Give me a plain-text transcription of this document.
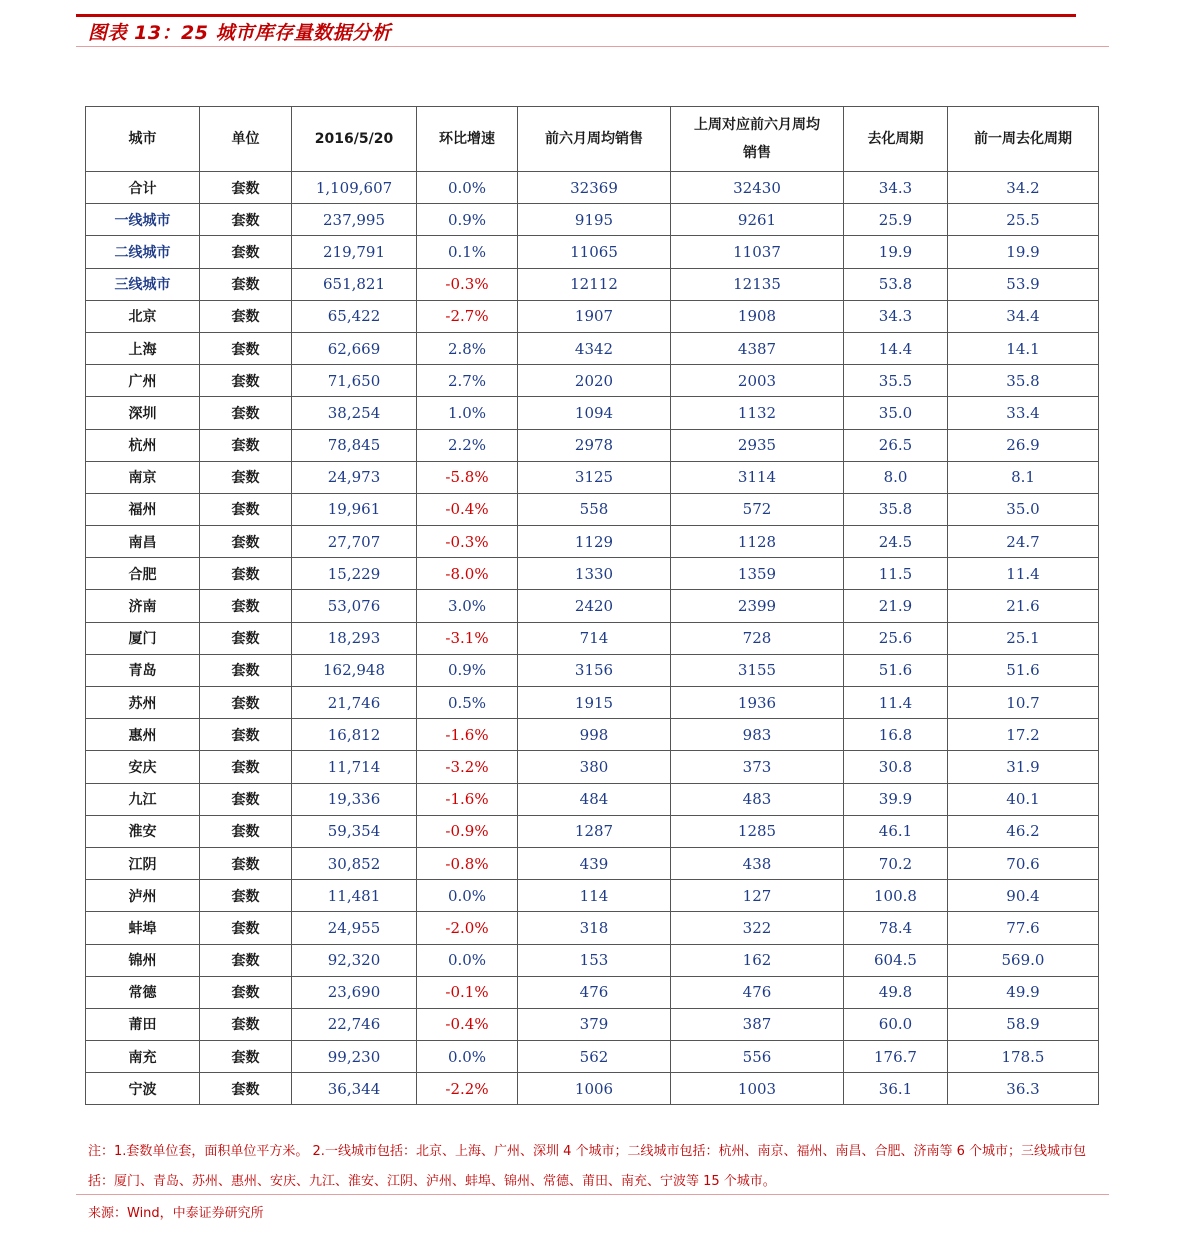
图表 13：25 城市库存量数据分析
城市	单位	2016/5/20	环比增速	前六月周均销售	上周对应前六月周均销售	去化周期	前一周去化周期
合计	套数	1,109,607	0.0%	32369	32430	34.3	34.2
一线城市	套数	237,995	0.9%	9195	9261	25.9	25.5
二线城市	套数	219,791	0.1%	11065	11037	19.9	19.9
三线城市	套数	651,821	-0.3%	12112	12135	53.8	53.9
北京	套数	65,422	-2.7%	1907	1908	34.3	34.4
上海	套数	62,669	2.8%	4342	4387	14.4	14.1
广州	套数	71,650	2.7%	2020	2003	35.5	35.8
深圳	套数	38,254	1.0%	1094	1132	35.0	33.4
杭州	套数	78,845	2.2%	2978	2935	26.5	26.9
南京	套数	24,973	-5.8%	3125	3114	8.0	8.1
福州	套数	19,961	-0.4%	558	572	35.8	35.0
南昌	套数	27,707	-0.3%	1129	1128	24.5	24.7
合肥	套数	15,229	-8.0%	1330	1359	11.5	11.4
济南	套数	53,076	3.0%	2420	2399	21.9	21.6
厦门	套数	18,293	-3.1%	714	728	25.6	25.1
青岛	套数	162,948	0.9%	3156	3155	51.6	51.6
苏州	套数	21,746	0.5%	1915	1936	11.4	10.7
惠州	套数	16,812	-1.6%	998	983	16.8	17.2
安庆	套数	11,714	-3.2%	380	373	30.8	31.9
九江	套数	19,336	-1.6%	484	483	39.9	40.1
淮安	套数	59,354	-0.9%	1287	1285	46.1	46.2
江阴	套数	30,852	-0.8%	439	438	70.2	70.6
泸州	套数	11,481	0.0%	114	127	100.8	90.4
蚌埠	套数	24,955	-2.0%	318	322	78.4	77.6
锦州	套数	92,320	0.0%	153	162	604.5	569.0
常德	套数	23,690	-0.1%	476	476	49.8	49.9
莆田	套数	22,746	-0.4%	379	387	60.0	58.9
南充	套数	99,230	0.0%	562	556	176.7	178.5
宁波	套数	36,344	-2.2%	1006	1003	36.1	36.3
注：1.套数单位套，面积单位平方米。 2.一线城市包括：北京、上海、广州、深圳 4 个城市；二线城市包括：杭州、南京、福州、南昌、合肥、济南等 6 个城市；三线城市包括：厦门、青岛、苏州、惠州、安庆、九江、淮安、江阴、泸州、蚌埠、锦州、常德、莆田、南充、宁波等 15 个城市。
来源：Wind，中泰证券研究所
